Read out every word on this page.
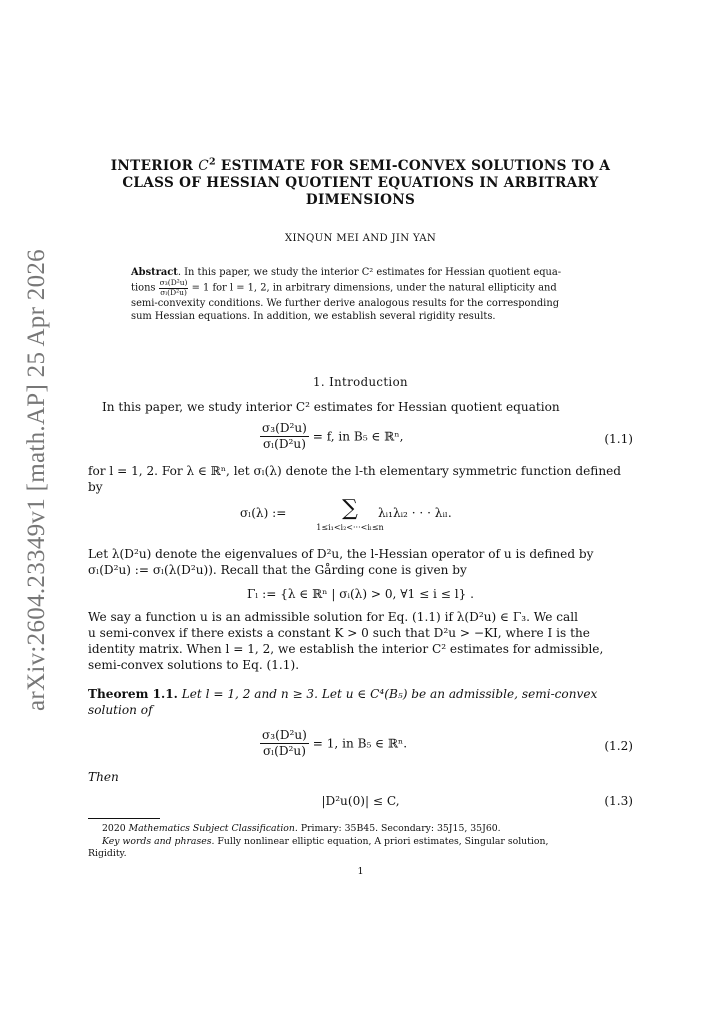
arXiv:2604.23349v1 [math.AP] 25 Apr 2026
INTERIOR $C^2$ ESTIMATE FOR SEMI-CONVEX SOLUTIONS TO A
CLASS OF HESSIAN QUOTIENT EQUATIONS IN ARBITRARY
DIMENSIONS
XINQUN MEI AND JIN YAN
Abstract. In this paper, we study the interior C² estimates for Hessian quotient equa-
tions $\frac{\text{σ₃(D²u)}}{\text{σₗ(D²u)}} = 1$ for l = 1, 2, in arbitrary dimensions, under the natural ellipticity and
semi-convexity conditions. We further derive analogous results for the corresponding
sum Hessian equations. In addition, we establish several rigidity results.
1. Introduction
In this paper, we study interior C² estimates for Hessian quotient equation
$\frac{\text{σ₃(D²u)}}{\text{σₗ(D²u)}} = f$, in B₅ ∈ ℝⁿ,	(1.1)
for l = 1, 2. For λ ∈ ℝⁿ, let σₗ(λ) denote the l-th elementary symmetric function defined
by
σₗ(λ) :=	∑
1≤i₁<i₂<···<iₗ≤n
λᵢ₁λᵢ₂ · · · λᵢₗ.
Let λ(D²u) denote the eigenvalues of D²u, the l-Hessian operator of u is defined by
σₗ(D²u) := σₗ(λ(D²u)). Recall that the Gårding cone is given by
Γₗ := {λ ∈ ℝⁿ | σᵢ(λ) > 0, ∀1 ≤ i ≤ l} .
We say a function u is an admissible solution for Eq. (1.1) if λ(D²u) ∈ Γ₃. We call
u semi-convex if there exists a constant K > 0 such that D²u > −KI, where I is the
identity matrix. When l = 1, 2, we establish the interior C² estimates for admissible,
semi-convex solutions to Eq. (1.1).
Theorem 1.1. Let l = 1, 2 and n ≥ 3. Let u ∈ C⁴(B₅) be an admissible, semi-convex
solution of
$\frac{\text{σ₃(D²u)}}{\text{σₗ(D²u)}} = 1$, in B₅ ∈ ℝⁿ.	(1.2)
Then
|D²u(0)| ≤ C,	(1.3)
2020 Mathematics Subject Classification. Primary: 35B45. Secondary: 35J15, 35J60.
Key words and phrases. Fully nonlinear elliptic equation, A priori estimates, Singular solution,
Rigidity.
1
